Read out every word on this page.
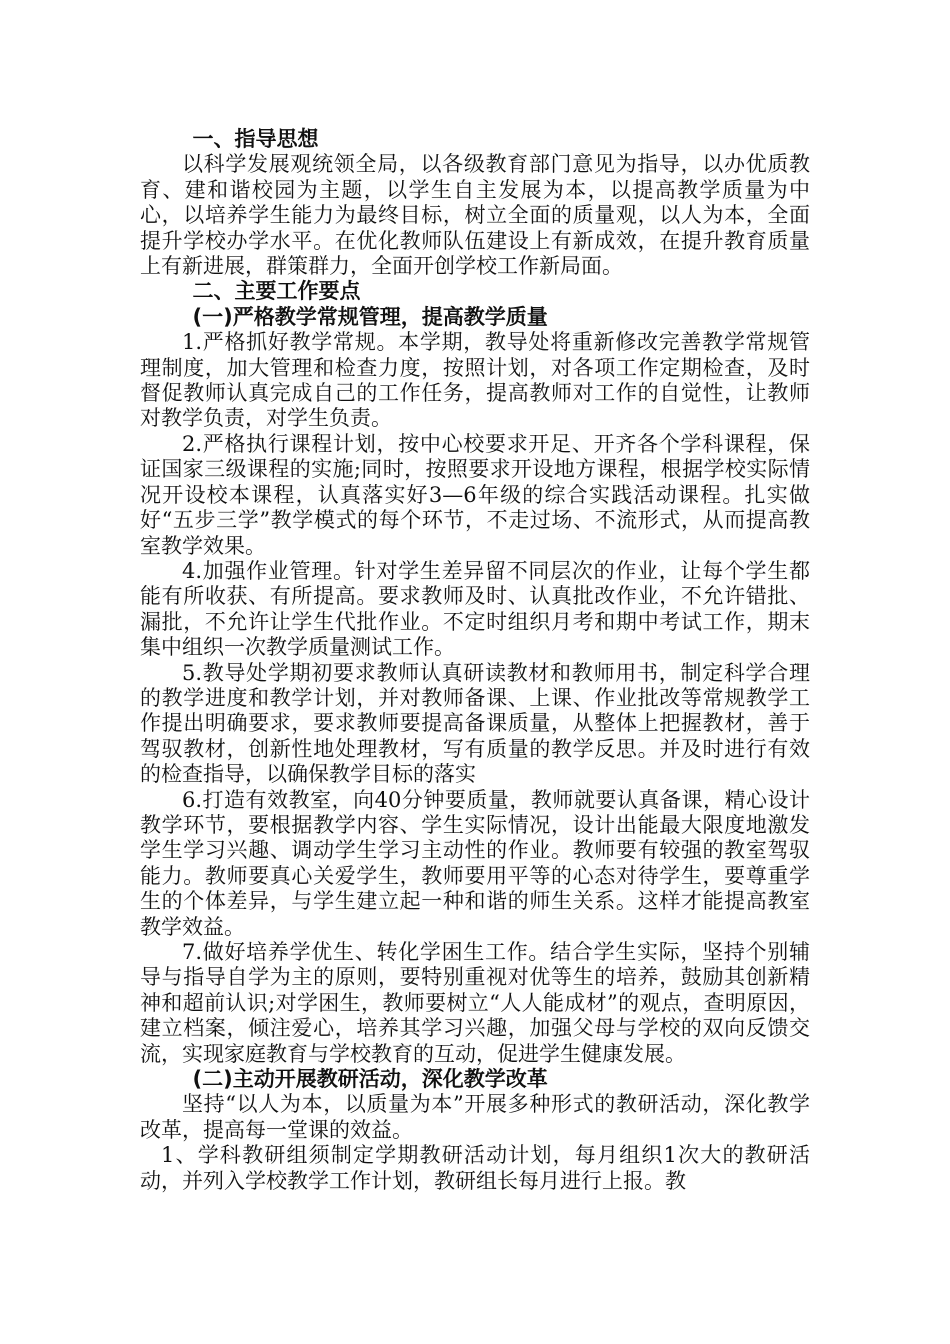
一、指导思想

以科学发展观统领全局，以各级教育部门意见为指导，以办优质教育、建和谐校园为主题，以学生自主发展为本，以提高教学质量为中心，以培养学生能力为最终目标，树立全面的质量观，以人为本，全面提升学校办学水平。在优化教师队伍建设上有新成效，在提升教育质量上有新进展，群策群力，全面开创学校工作新局面。

二、主要工作要点

(一)严格教学常规管理，提高教学质量

1.严格抓好教学常规。本学期，教导处将重新修改完善教学常规管理制度，加大管理和检查力度，按照计划，对各项工作定期检查，及时督促教师认真完成自己的工作任务，提高教师对工作的自觉性，让教师对教学负责，对学生负责。

2.严格执行课程计划，按中心校要求开足、开齐各个学科课程，保证国家三级课程的实施;同时，按照要求开设地方课程，根据学校实际情况开设校本课程，认真落实好3—6年级的综合实践活动课程。扎实做好“五步三学”教学模式的每个环节，不走过场、不流形式，从而提高教室教学效果。

4.加强作业管理。针对学生差异留不同层次的作业，让每个学生都能有所收获、有所提高。要求教师及时、认真批改作业，不允许错批、漏批，不允许让学生代批作业。不定时组织月考和期中考试工作，期末集中组织一次教学质量测试工作。

5.教导处学期初要求教师认真研读教材和教师用书，制定科学合理的教学进度和教学计划，并对教师备课、上课、作业批改等常规教学工作提出明确要求，要求教师要提高备课质量，从整体上把握教材，善于驾驭教材，创新性地处理教材，写有质量的教学反思。并及时进行有效的检查指导，以确保教学目标的落实

6.打造有效教室，向40分钟要质量，教师就要认真备课，精心设计教学环节，要根据教学内容、学生实际情况，设计出能最大限度地激发学生学习兴趣、调动学生学习主动性的作业。教师要有较强的教室驾驭能力。教师要真心关爱学生，教师要用平等的心态对待学生，要尊重学生的个体差异，与学生建立起一种和谐的师生关系。这样才能提高教室教学效益。

7.做好培养学优生、转化学困生工作。结合学生实际，坚持个别辅导与指导自学为主的原则，要特别重视对优等生的培养，鼓励其创新精神和超前认识;对学困生，教师要树立“人人能成材”的观点，查明原因，建立档案，倾注爱心，培养其学习兴趣，加强父母与学校的双向反馈交流，实现家庭教育与学校教育的互动，促进学生健康发展。

(二)主动开展教研活动，深化教学改革

坚持“以人为本，以质量为本”开展多种形式的教研活动，深化教学改革，提高每一堂课的效益。

1、学科教研组须制定学期教研活动计划，每月组织1次大的教研活动，并列入学校教学工作计划，教研组长每月进行上报。教
